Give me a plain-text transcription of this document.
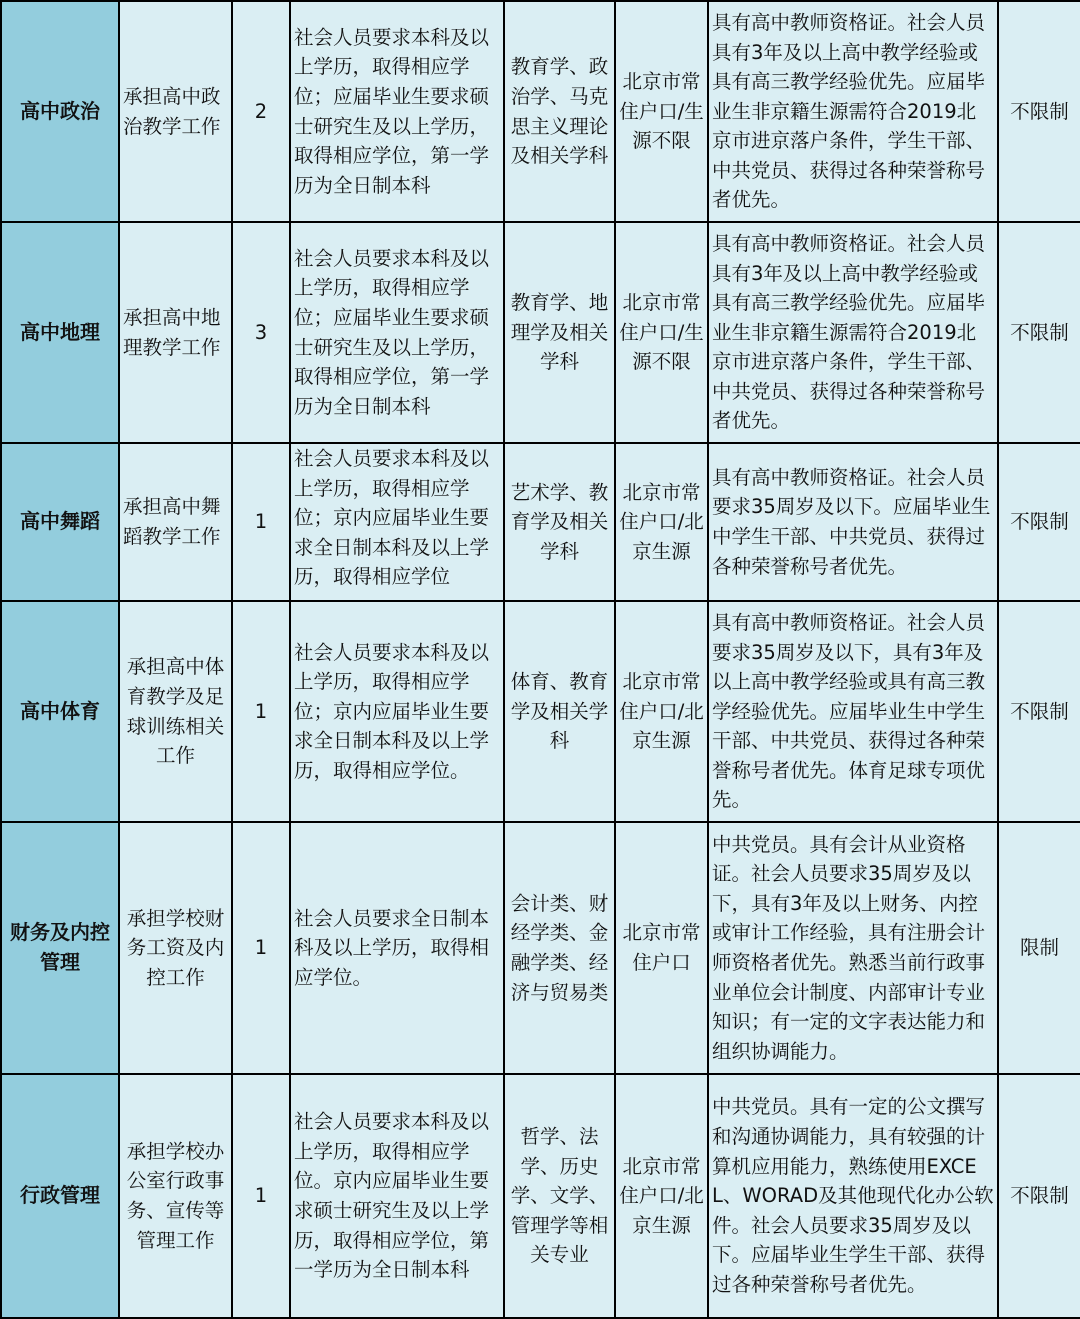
高中政治	承担高中政治教学工作	2	社会人员要求本科及以上学历，取得相应学位；应届毕业生要求硕士研究生及以上学历，取得相应学位，第一学历为全日制本科	教育学、政治学、马克思主义理论及相关学科	北京市常住户口/生源不限	具有高中教师资格证。社会人员具有3年及以上高中教学经验或具有高三教学经验优先。应届毕业生非京籍生源需符合2019北京市进京落户条件，学生干部、中共党员、获得过各种荣誉称号者优先。	不限制
高中地理	承担高中地理教学工作	3	社会人员要求本科及以上学历，取得相应学位；应届毕业生要求硕士研究生及以上学历，取得相应学位，第一学历为全日制本科	教育学、地理学及相关学科	北京市常住户口/生源不限	具有高中教师资格证。社会人员具有3年及以上高中教学经验或具有高三教学经验优先。应届毕业生非京籍生源需符合2019北京市进京落户条件，学生干部、中共党员、获得过各种荣誉称号者优先。	不限制
高中舞蹈	承担高中舞蹈教学工作	1	社会人员要求本科及以上学历，取得相应学位；京内应届毕业生要求全日制本科及以上学历，取得相应学位	艺术学、教育学及相关学科	北京市常住户口/北京生源	具有高中教师资格证。社会人员要求35周岁及以下。应届毕业生中学生干部、中共党员、获得过各种荣誉称号者优先。	不限制
高中体育	承担高中体育教学及足球训练相关工作	1	社会人员要求本科及以上学历，取得相应学位；京内应届毕业生要求全日制本科及以上学历，取得相应学位。	体育、教育学及相关学科	北京市常住户口/北京生源	具有高中教师资格证。社会人员要求35周岁及以下，具有3年及以上高中教学经验或具有高三教学经验优先。应届毕业生中学生干部、中共党员、获得过各种荣誉称号者优先。体育足球专项优先。	不限制
财务及内控管理	承担学校财务工资及内控工作	1	社会人员要求全日制本科及以上学历，取得相应学位。	会计类、财经学类、金融学类、经济与贸易类	北京市常住户口	中共党员。具有会计从业资格证。社会人员要求35周岁及以下，具有3年及以上财务、内控或审计工作经验，具有注册会计师资格者优先。熟悉当前行政事业单位会计制度、内部审计专业知识；有一定的文字表达能力和组织协调能力。	限制
行政管理	承担学校办公室行政事务、宣传等管理工作	1	社会人员要求本科及以上学历，取得相应学位。京内应届毕业生要求硕士研究生及以上学历，取得相应学位，第一学历为全日制本科	哲学、法学、历史学、文学、管理学等相关专业	北京市常住户口/北京生源	中共党员。具有一定的公文撰写和沟通协调能力，具有较强的计算机应用能力，熟练使用EXCEL、WORAD及其他现代化办公软件。社会人员要求35周岁及以下。应届毕业生学生干部、获得过各种荣誉称号者优先。	不限制
